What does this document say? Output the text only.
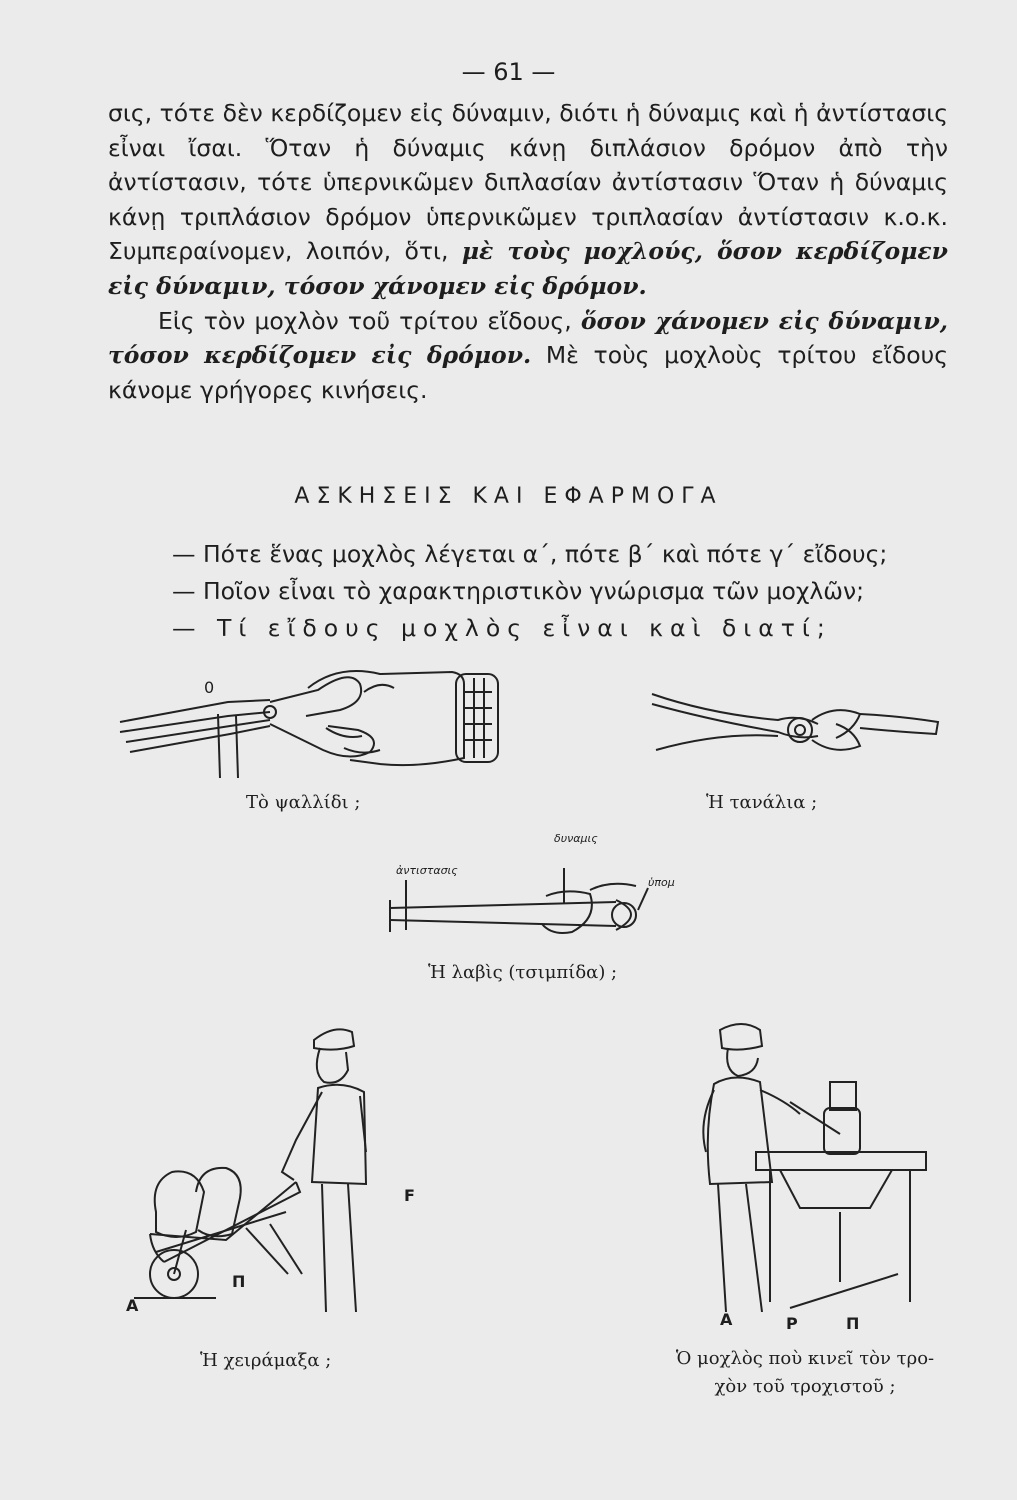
— 61 —

σις, τότε δὲν κερδίζομεν εἰς δύναμιν, διότι ἡ δύναμις καὶ ἡ ἀντίστασις εἶναι ἴσαι. Ὅταν ἡ δύναμις κάνῃ διπλάσιον δρόμον ἀπὸ τὴν ἀντίστασιν, τότε ὑπερνικῶμεν διπλασίαν ἀντίστασιν Ὅταν ἡ δύναμις κάνῃ τριπλάσιον δρόμον ὑπερνικῶμεν τριπλασίαν ἀντίστασιν κ.ο.κ. Συμπεραίνομεν, λοιπόν, ὅτι, μὲ τοὺς μοχλούς, ὅσον κερδίζομεν εἰς δύναμιν, τόσον χάνομεν εἰς δρόμον.

Εἰς τὸν μοχλὸν τοῦ τρίτου εἴδους, ὅσον χάνομεν εἰς δύναμιν, τόσον κερδίζομεν εἰς δρόμον. Μὲ τοὺς μοχλοὺς τρίτου εἴδους κάνομε γρήγορες κινήσεις.

ΑΣΚΗΣΕΙΣ ΚΑΙ ΕΦΑΡΜΟΓΑ
— Πότε ἕνας μοχλὸς λέγεται α΄, πότε β΄ καὶ πότε γ΄ εἴδους;
— Ποῖον εἶναι τὸ χαρακτηριστικὸν γνώρισμα τῶν μοχλῶν;
— Τί εἴδους μοχλὸς εἶναι καὶ διατί;
0
Τὸ ψαλλίδι ;	Ἡ τανάλια ;
δυναμις
ἀντιστασις
ὑπομ
Ἡ λαβὶς (τσιμπίδα) ;
Α
Π
F
Ἡ χειράμαξα ;
Α	Ρ	Π
Ὁ μοχλὸς ποὺ κινεῖ τὸν τρο-
χὸν τοῦ τροχιστοῦ ;
